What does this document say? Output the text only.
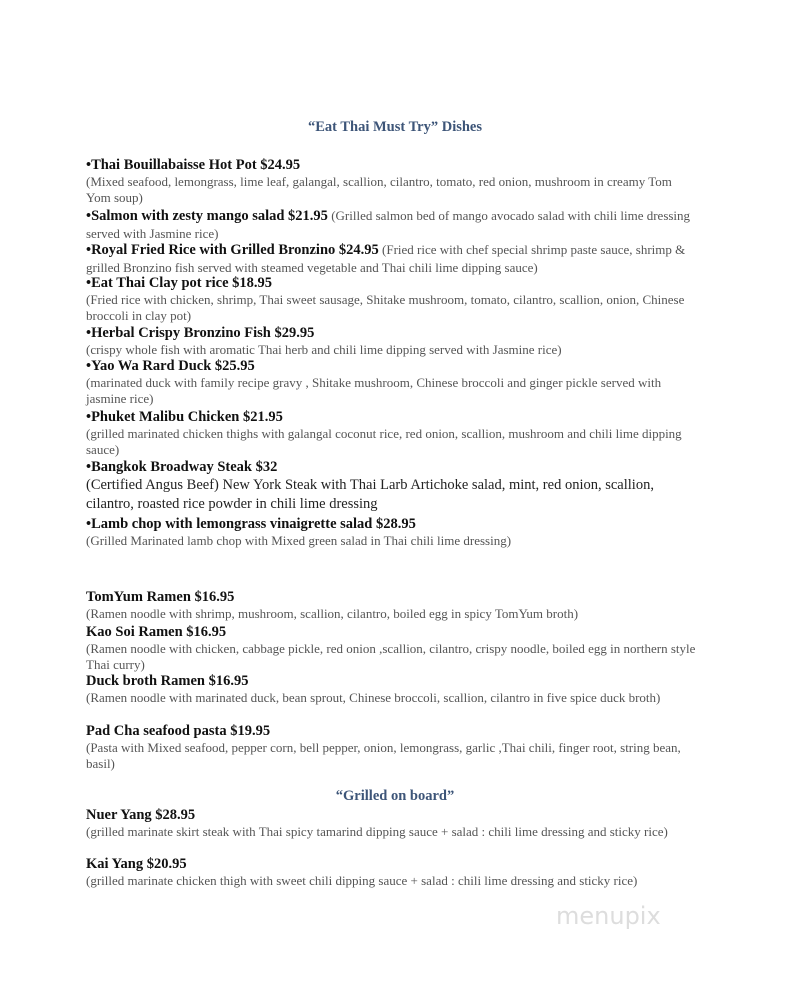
“Eat Thai Must Try” Dishes
•Thai Bouillabaisse Hot Pot $24.95
(Mixed seafood, lemongrass, lime leaf, galangal, scallion, cilantro, tomato, red onion, mushroom in creamy Tom Yom soup)
•Salmon with zesty mango salad $21.95 (Grilled salmon bed of mango avocado salad with chili lime dressing served with Jasmine rice)
•Royal Fried Rice with Grilled Bronzino $24.95 (Fried rice with chef special shrimp paste sauce, shrimp & grilled Bronzino fish served with steamed vegetable and Thai chili lime dipping sauce)
•Eat Thai Clay pot rice $18.95
(Fried rice with chicken, shrimp, Thai sweet sausage, Shitake mushroom, tomato, cilantro, scallion, onion, Chinese broccoli in clay pot)
•Herbal Crispy Bronzino Fish $29.95
(crispy whole fish with aromatic Thai herb and chili lime dipping served with Jasmine rice)
•Yao Wa Rard Duck $25.95
(marinated duck with family recipe gravy , Shitake mushroom, Chinese broccoli and ginger pickle served with jasmine rice)
•Phuket Malibu Chicken $21.95
(grilled marinated chicken thighs with galangal coconut rice, red onion, scallion, mushroom and chili lime dipping sauce)
•Bangkok Broadway Steak $32
(Certified Angus Beef) New York Steak with Thai Larb Artichoke salad, mint, red onion, scallion, cilantro, roasted rice powder in chili lime dressing
•Lamb chop with lemongrass vinaigrette salad $28.95
(Grilled Marinated lamb chop with Mixed green salad in Thai chili lime dressing)
TomYum Ramen $16.95
(Ramen noodle with shrimp, mushroom, scallion, cilantro, boiled egg in spicy TomYum broth)
Kao Soi Ramen $16.95
(Ramen noodle with chicken, cabbage pickle, red onion ,scallion, cilantro, crispy noodle, boiled egg in northern style Thai curry)
Duck broth Ramen $16.95
(Ramen noodle with marinated duck, bean sprout, Chinese broccoli, scallion, cilantro in five spice duck broth)
Pad Cha seafood pasta $19.95
(Pasta with Mixed seafood, pepper corn, bell pepper, onion, lemongrass, garlic ,Thai chili, finger root, string bean, basil)
“Grilled on board”
Nuer Yang $28.95
(grilled marinate skirt steak with Thai spicy tamarind dipping sauce + salad : chili lime dressing and sticky rice)
Kai Yang $20.95
(grilled marinate chicken thigh with sweet chili dipping sauce + salad : chili lime dressing and sticky rice)
menupix
